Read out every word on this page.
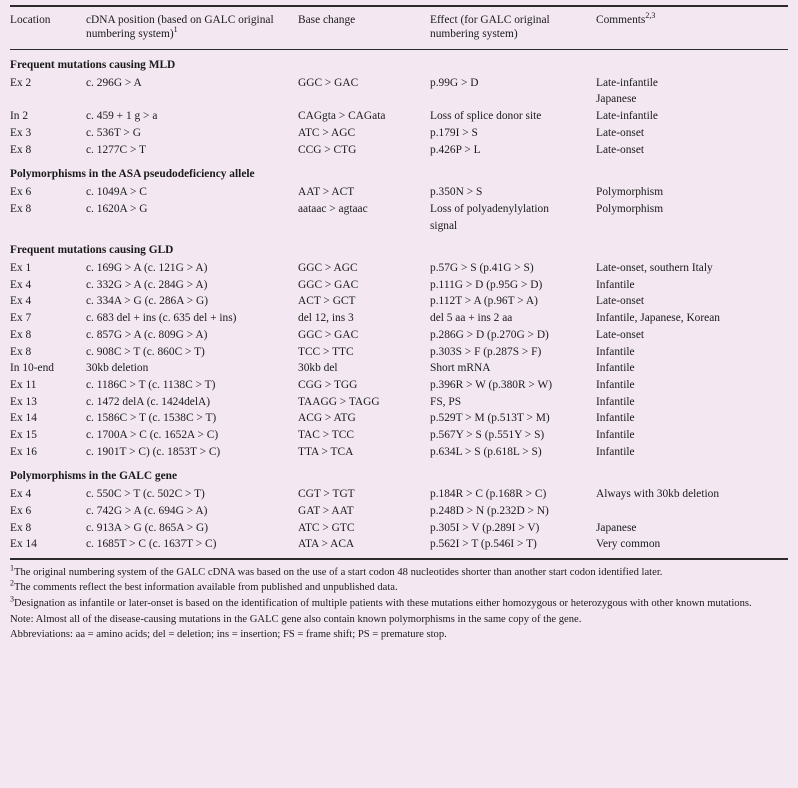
Location	cDNA position (based on GALC original numbering system)$^1$	Base change	Effect (for GALC original numbering system)	Comments$^{2,3}$
Frequent mutations causing MLD				
Ex 2	c. 296G > A	GGC > GAC	p.99G > D	Late-infantile
				Japanese
In 2	c. 459 + 1 g > a	CAGgta > CAGata	Loss of splice donor site	Late-infantile
Ex 3	c. 536T > G	ATC > AGC	p.179I > S	Late-onset
Ex 8	c. 1277C > T	CCG > CTG	p.426P > L	Late-onset
Polymorphisms in the ASA pseudodeficiency allele				
Ex 6	c. 1049A > C	AAT > ACT	p.350N > S	Polymorphism
Ex 8	c. 1620A > G	aataac > agtaac	Loss of polyadenylylation	Polymorphism
			signal	
Frequent mutations causing GLD				
Ex 1	c. 169G > A (c. 121G > A)	GGC > AGC	p.57G > S (p.41G > S)	Late-onset, southern Italy
Ex 4	c. 332G > A (c. 284G > A)	GGC > GAC	p.111G > D (p.95G > D)	Infantile
Ex 4	c. 334A > G (c. 286A > G)	ACT > GCT	p.112T > A (p.96T > A)	Late-onset
Ex 7	c. 683 del + ins (c. 635 del + ins)	del 12, ins 3	del 5 aa + ins 2 aa	Infantile, Japanese, Korean
Ex 8	c. 857G > A (c. 809G > A)	GGC > GAC	p.286G > D (p.270G > D)	Late-onset
Ex 8	c. 908C > T (c. 860C > T)	TCC > TTC	p.303S > F (p.287S > F)	Infantile
In 10-end	30kb deletion	30kb del	Short mRNA	Infantile
Ex 11	c. 1186C > T (c. 1138C > T)	CGG > TGG	p.396R > W (p.380R > W)	Infantile
Ex 13	c. 1472 delA (c. 1424delA)	TAAGG > TAGG	FS, PS	Infantile
Ex 14	c. 1586C > T (c. 1538C > T)	ACG > ATG	p.529T > M (p.513T > M)	Infantile
Ex 15	c. 1700A > C (c. 1652A > C)	TAC > TCC	p.567Y > S (p.551Y > S)	Infantile
Ex 16	c. 1901T > C) (c. 1853T > C)	TTA > TCA	p.634L > S (p.618L > S)	Infantile
Polymorphisms in the GALC gene				
Ex 4	c. 550C > T (c. 502C > T)	CGT > TGT	p.184R > C (p.168R > C)	Always with 30kb deletion
Ex 6	c. 742G > A (c. 694G > A)	GAT > AAT	p.248D > N (p.232D > N)	
Ex 8	c. 913A > G (c. 865A > G)	ATC > GTC	p.305I > V (p.289I > V)	Japanese
Ex 14	c. 1685T > C (c. 1637T > C)	ATA > ACA	p.562I > T (p.546I > T)	Very common

$^1$The original numbering system of the GALC cDNA was based on the use of a start codon 48 nucleotides shorter than another start codon identified later.

$^2$The comments reflect the best information available from published and unpublished data.

$^3$Designation as infantile or later-onset is based on the identification of multiple patients with these mutations either homozygous or heterozygous with other known mutations.

Note: Almost all of the disease-causing mutations in the GALC gene also contain known polymorphisms in the same copy of the gene.

Abbreviations: aa = amino acids; del = deletion; ins = insertion; FS = frame shift; PS = premature stop.
